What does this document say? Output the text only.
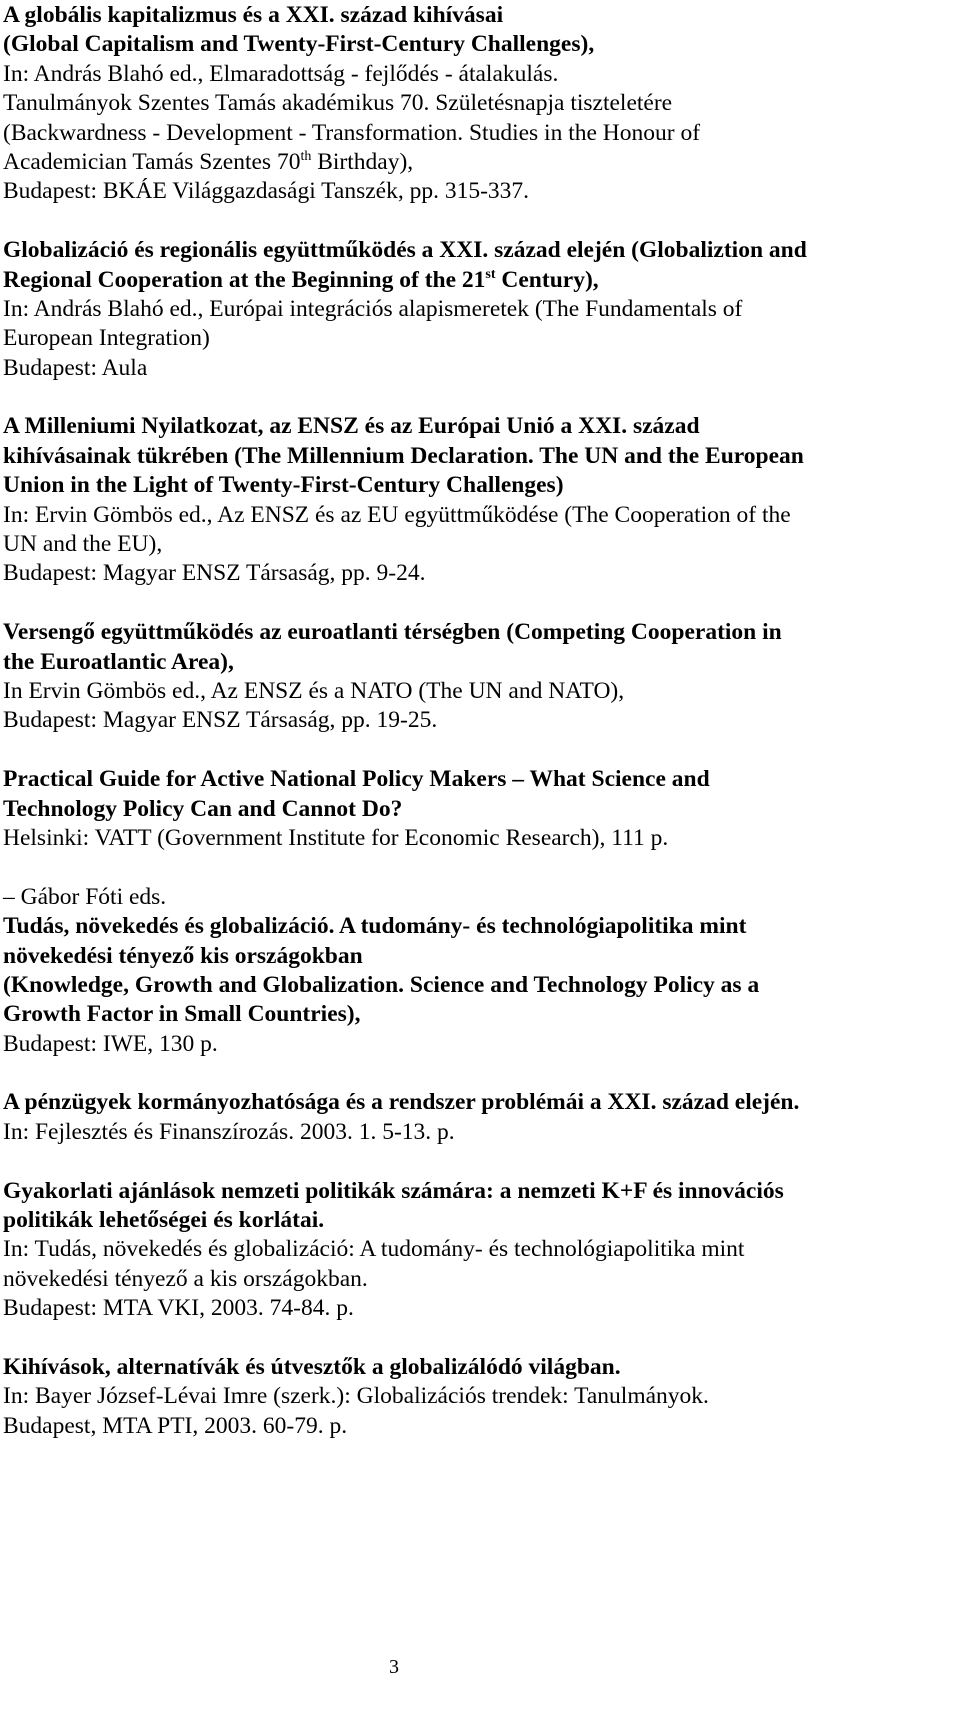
A globális kapitalizmus és a XXI. század kihívásai
(Global Capitalism and Twenty-First-Century Challenges),
In: András Blahó ed., Elmaradottság - fejlődés - átalakulás.
Tanulmányok Szentes Tamás akadémikus 70. Születésnapja tiszteletére
(Backwardness - Development - Transformation. Studies in the Honour of
Academician Tamás Szentes 70th Birthday),
Budapest: BKÁE Világgazdasági Tanszék, pp. 315-337.
Globalizáció és regionális együttműködés a XXI. század elején (Globaliztion and
Regional Cooperation at the Beginning of the 21st Century),
In: András Blahó ed., Európai integrációs alapismeretek (The Fundamentals of
European Integration)
Budapest: Aula
A Milleniumi Nyilatkozat, az ENSZ és az Európai Unió a XXI. század
kihívásainak tükrében (The Millennium Declaration. The UN and the European
Union in the Light of Twenty-First-Century Challenges)
In: Ervin Gömbös ed., Az ENSZ és az EU együttműködése (The Cooperation of the
UN and the EU),
Budapest: Magyar ENSZ Társaság, pp. 9-24.
Versengő együttműködés az euroatlanti térségben (Competing Cooperation in
the Euroatlantic Area),
In Ervin Gömbös ed., Az ENSZ és a NATO (The UN and NATO),
Budapest: Magyar ENSZ Társaság, pp. 19-25.
Practical Guide for Active National Policy Makers – What Science and
Technology Policy Can and Cannot Do?
Helsinki: VATT (Government Institute for Economic Research), 111 p.
– Gábor Fóti eds.
Tudás, növekedés és globalizáció. A tudomány- és technológiapolitika mint
növekedési tényező kis országokban
(Knowledge, Growth and Globalization. Science and Technology Policy as a
Growth Factor in Small Countries),
Budapest: IWE, 130 p.
A pénzügyek kormányozhatósága és a rendszer problémái a XXI. század elején.
In: Fejlesztés és Finanszírozás. 2003. 1. 5-13. p.
Gyakorlati ajánlások nemzeti politikák számára: a nemzeti K+F és innovációs
politikák lehetőségei és korlátai.
In: Tudás, növekedés és globalizáció: A tudomány- és technológiapolitika mint
növekedési tényező a kis országokban.
Budapest: MTA VKI, 2003. 74-84. p.
Kihívások, alternatívák és útvesztők a globalizálódó világban.
In: Bayer József-Lévai Imre (szerk.): Globalizációs trendek: Tanulmányok.
Budapest, MTA PTI, 2003. 60-79. p.
3
